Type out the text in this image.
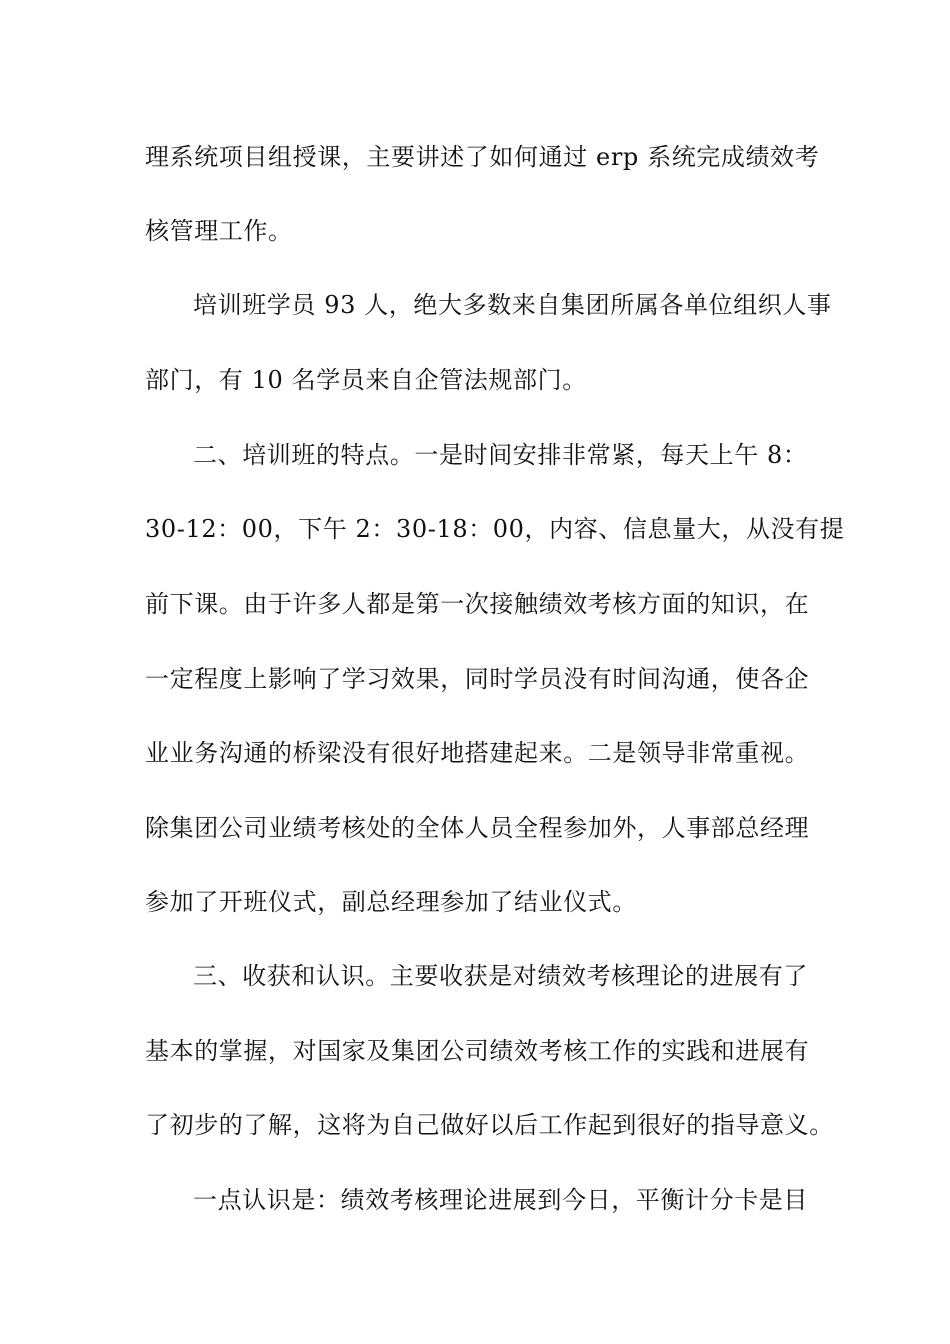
理系统项目组授课，主要讲述了如何通过 erp 系统完成绩效考
核管理工作。
培训班学员 93 人，绝大多数来自集团所属各单位组织人事
部门，有 10 名学员来自企管法规部门。
二、培训班的特点。一是时间安排非常紧，每天上午 8：
30-12：00，下午 2：30-18：00，内容、信息量大，从没有提
前下课。由于许多人都是第一次接触绩效考核方面的知识，在
一定程度上影响了学习效果，同时学员没有时间沟通，使各企
业业务沟通的桥梁没有很好地搭建起来。二是领导非常重视。
除集团公司业绩考核处的全体人员全程参加外，人事部总经理
参加了开班仪式，副总经理参加了结业仪式。
三、收获和认识。主要收获是对绩效考核理论的进展有了
基本的掌握，对国家及集团公司绩效考核工作的实践和进展有
了初步的了解，这将为自己做好以后工作起到很好的指导意义。
一点认识是：绩效考核理论进展到今日，平衡计分卡是目
